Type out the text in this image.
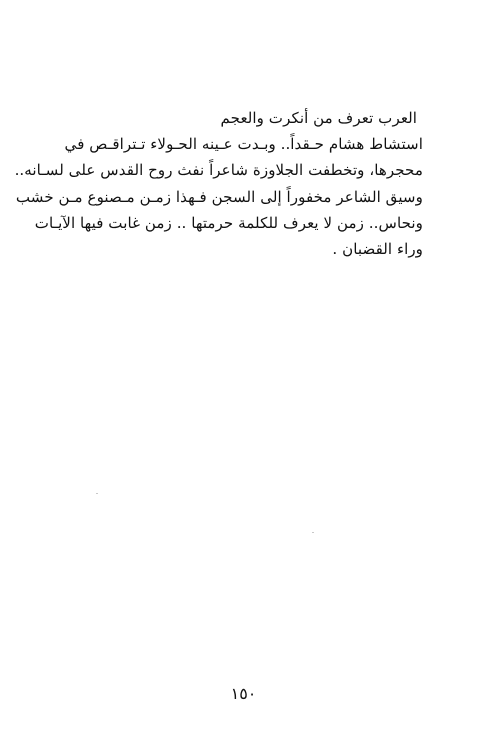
العرب تعرف من أنكرت والعجم
استشاط هشام حـقداً.. وبـدت عـينه الحـولاء تـتراقـص في
محجرها، وتخطفت الجلاوزة شاعراً نفث روح القدس على لسـانه..
وسيق الشاعر مخفوراً إلى السجن فـهذا زمـن مـصنوع مـن خشب
ونحاس.. زمن لا يعرف للكلمة حرمتها .. زمن غابت فيها الآيـات
وراء القضبان .
١٥٠
